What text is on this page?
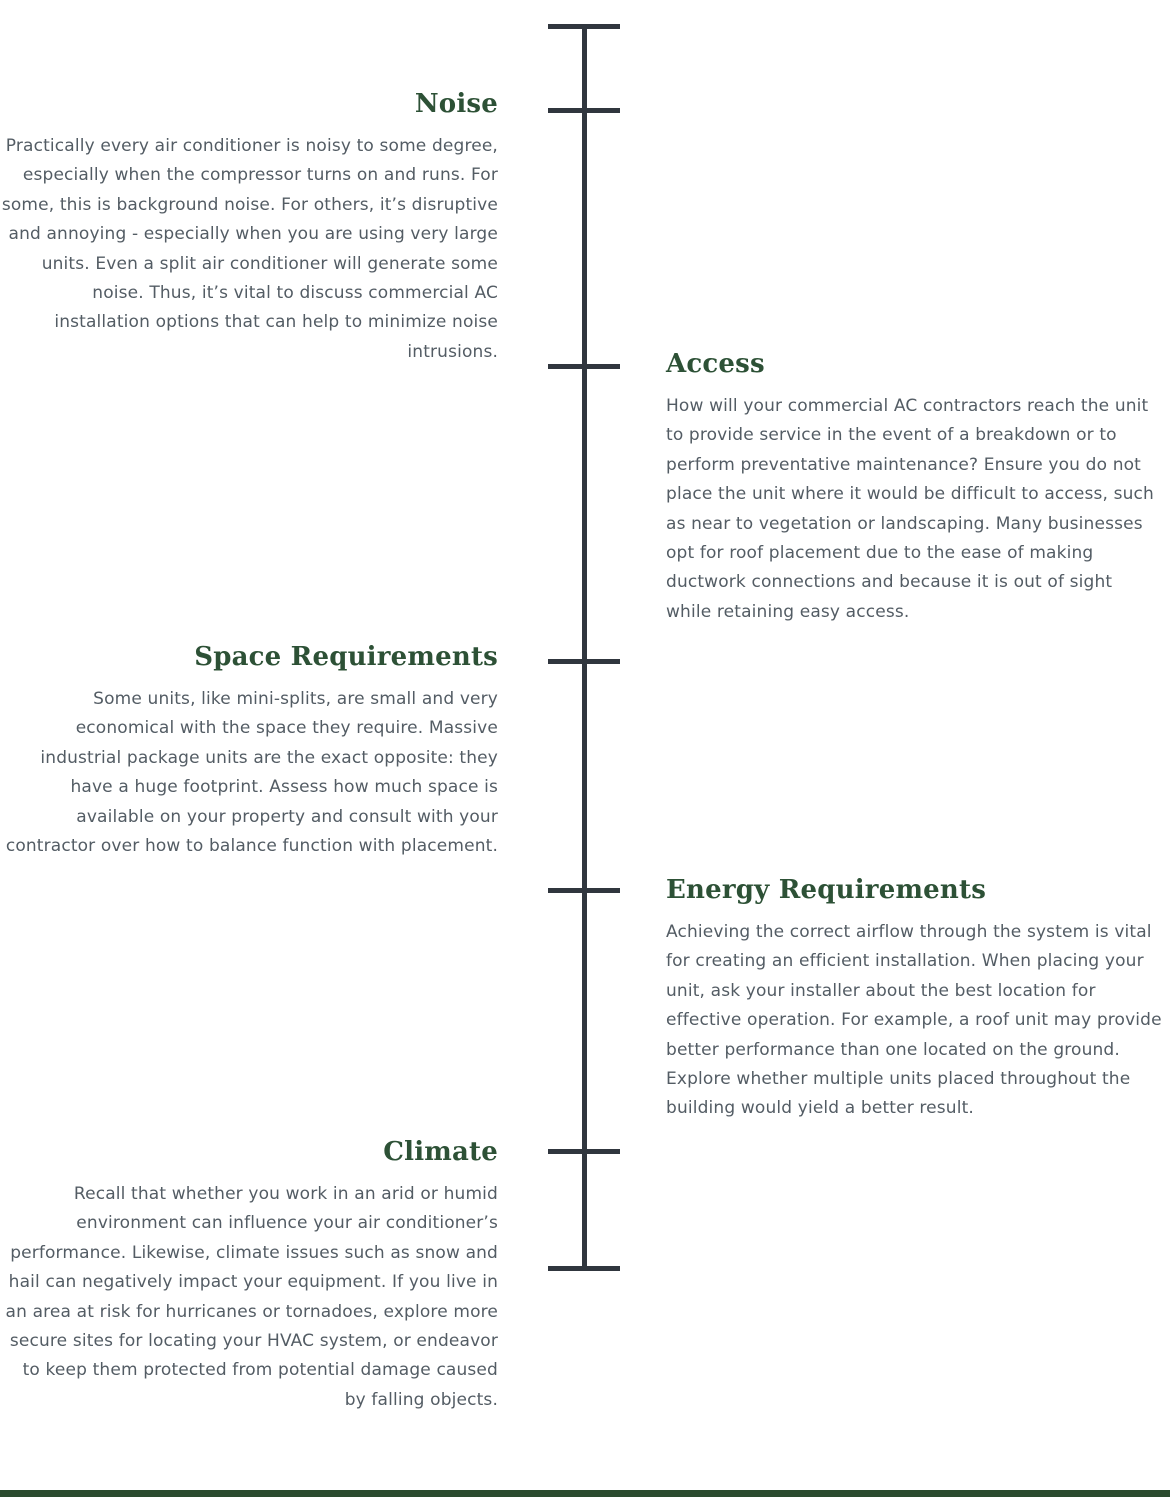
Noise

Practically every air conditioner is noisy to some degree, especially when the compressor turns on and runs. For some, this is background noise. For others, it’s disruptive and annoying - especially when you are using very large units. Even a split air conditioner will generate some noise. Thus, it’s vital to discuss commercial AC installation options that can help to minimize noise intrusions.	Access

How will your commercial AC contractors reach the unit to provide service in the event of a breakdown or to perform preventative maintenance? Ensure you do not place the unit where it would be difficult to access, such as near to vegetation or landscaping. Many businesses opt for roof placement due to the ease of making ductwork connections and because it is out of sight while retaining easy access.

Space Requirements

Some units, like mini-splits, are small and very economical with the space they require. Massive industrial package units are the exact opposite: they have a huge footprint. Assess how much space is available on your property and consult with your contractor over how to balance function with placement.

Energy Requirements

Achieving the correct airflow through the system is vital for creating an efficient installation. When placing your unit, ask your installer about the best location for effective operation. For example, a roof unit may provide better performance than one located on the ground. Explore whether multiple units placed throughout the building would yield a better result.

Climate

Recall that whether you work in an arid or humid environment can influence your air conditioner’s performance. Likewise, climate issues such as snow and hail can negatively impact your equipment. If you live in an area at risk for hurricanes or tornadoes, explore more secure sites for locating your HVAC system, or endeavor to keep them protected from potential damage caused by falling objects.
